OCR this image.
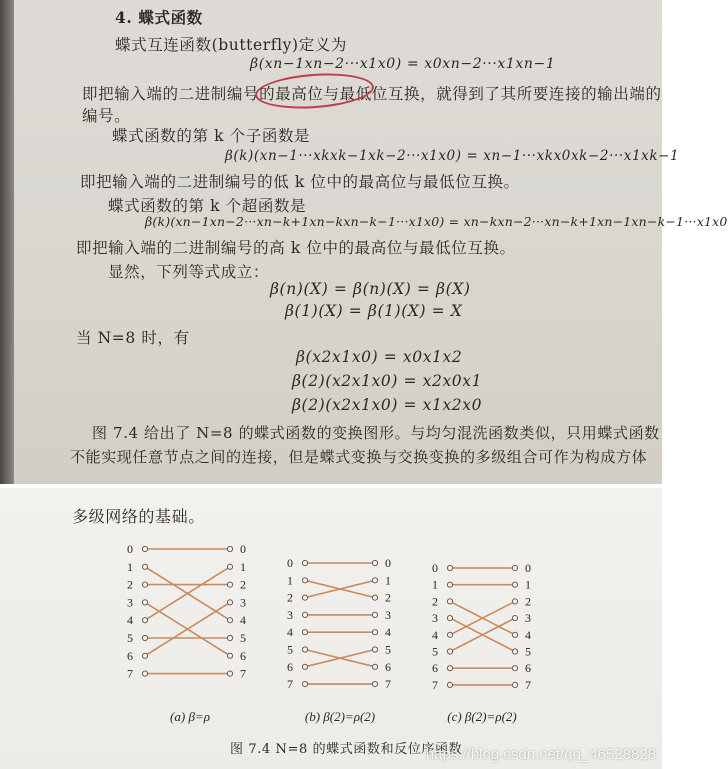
4. 蝶式函数
蝶式互连函数(butterfly)定义为
β(xn−1xn−2···x1x0) = x0xn−2···x1xn−1
即把输入端的二进制编号的最高位与最低位互换，就得到了其所要连接的输出端的
编号。
蝶式函数的第 k 个子函数是
β(k)(xn−1···xkxk−1xk−2···x1x0) = xn−1···xkx0xk−2···x1xk−1
即把输入端的二进制编号的低 k 位中的最高位与最低位互换。
蝶式函数的第 k 个超函数是
β(k)(xn−1xn−2···xn−k+1xn−kxn−k−1···x1x0) = xn−kxn−2···xn−k+1xn−1xn−k−1···x1x0
即把输入端的二进制编号的高 k 位中的最高位与最低位互换。
显然，下列等式成立：
β(n)(X) = β(n)(X) = β(X)
β(1)(X) = β(1)(X) = X
当 N=8 时，有
β(x2x1x0) = x0x1x2
β(2)(x2x1x0) = x2x0x1
β(2)(x2x1x0) = x1x2x0
图 7.4 给出了 N=8 的蝶式函数的变换图形。与均匀混洗函数类似，只用蝶式函数
不能实现任意节点之间的连接，但是蝶式变换与交换变换的多级组合可作为构成方体
多级网络的基础。
0	0
1	1
2	2
3	3
4	4
5	5
6	6
7	7
(a) β=ρ
0	0
1	1
2	2
3	3
4	4
5	5
6	6
7	7
(b) β(2)=ρ(2)
0	0
1	1
2	2
3	3
4	4
5	5
6	6
7	7
(c) β(2)=ρ(2)
图 7.4 N=8 的蝶式函数和反位序函数
https://blog.csdn.net/qq_46528828
